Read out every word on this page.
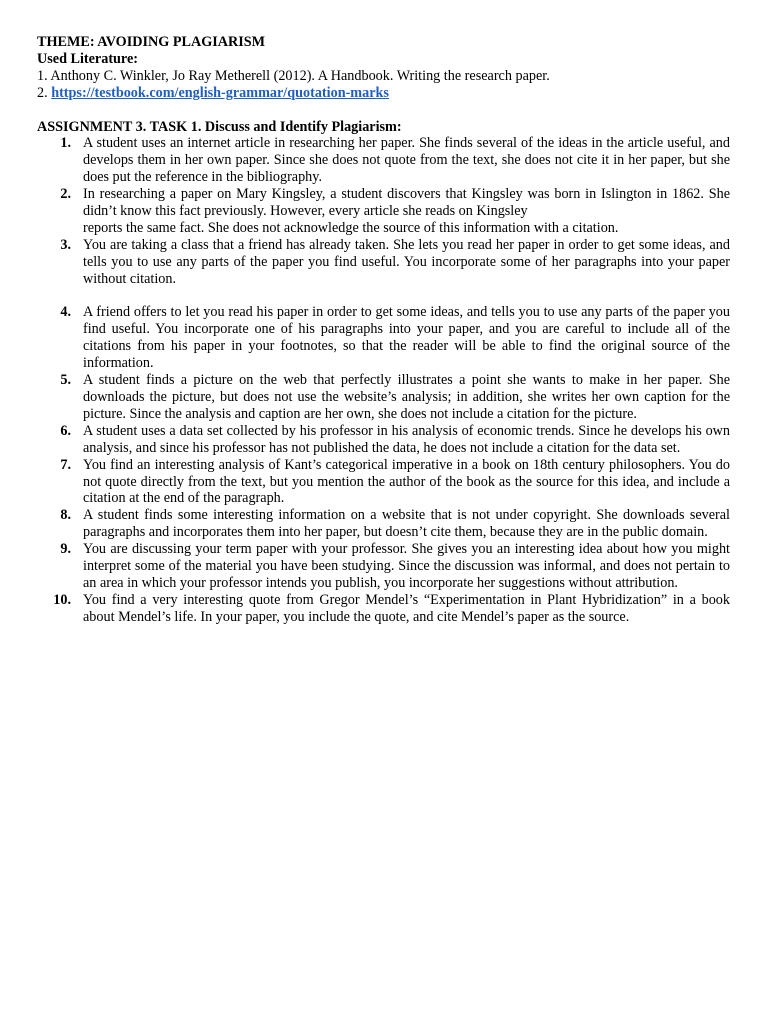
THEME: AVOIDING PLAGIARISM

Used Literature:

1. Anthony C. Winkler, Jo Ray Metherell (2012). A Handbook. Writing the research paper.

2. https://testbook.com/english-grammar/quotation-marks

ASSIGNMENT 3. TASK 1. Discuss and Identify Plagiarism:

1. A student uses an internet article in researching her paper. She finds several of the ideas in the article useful, and develops them in her own paper. Since she does not quote from the text, she does not cite it in her paper, but she does put the reference in the bibliography.
2. In researching a paper on Mary Kingsley, a student discovers that Kingsley was born in Islington in 1862. She didn’t know this fact previously. However, every article she reads on Kingsley
reports the same fact. She does not acknowledge the source of this information with a citation.
3. You are taking a class that a friend has already taken. She lets you read her paper in order to get some ideas, and tells you to use any parts of the paper you find useful. You incorporate some of her paragraphs into your paper without citation.
4. A friend offers to let you read his paper in order to get some ideas, and tells you to use any parts of the paper you find useful. You incorporate one of his paragraphs into your paper, and you are careful to include all of the citations from his paper in your footnotes, so that the reader will be able to find the original source of the information.
5. A student finds a picture on the web that perfectly illustrates a point she wants to make in her paper. She downloads the picture, but does not use the website’s analysis; in addition, she writes her own caption for the picture. Since the analysis and caption are her own, she does not include a citation for the picture.
6. A student uses a data set collected by his professor in his analysis of economic trends. Since he develops his own analysis, and since his professor has not published the data, he does not include a citation for the data set.
7. You find an interesting analysis of Kant’s categorical imperative in a book on 18th century philosophers. You do not quote directly from the text, but you mention the author of the book as the source for this idea, and include a citation at the end of the paragraph.
8. A student finds some interesting information on a website that is not under copyright. She downloads several paragraphs and incorporates them into her paper, but doesn’t cite them, because they are in the public domain.
9. You are discussing your term paper with your professor. She gives you an interesting idea about how you might interpret some of the material you have been studying. Since the discussion was informal, and does not pertain to an area in which your professor intends you publish, you incorporate her suggestions without attribution.
10. You find a very interesting quote from Gregor Mendel’s “Experimentation in Plant Hybridization” in a book about Mendel’s life. In your paper, you include the quote, and cite Mendel’s paper as the source.
